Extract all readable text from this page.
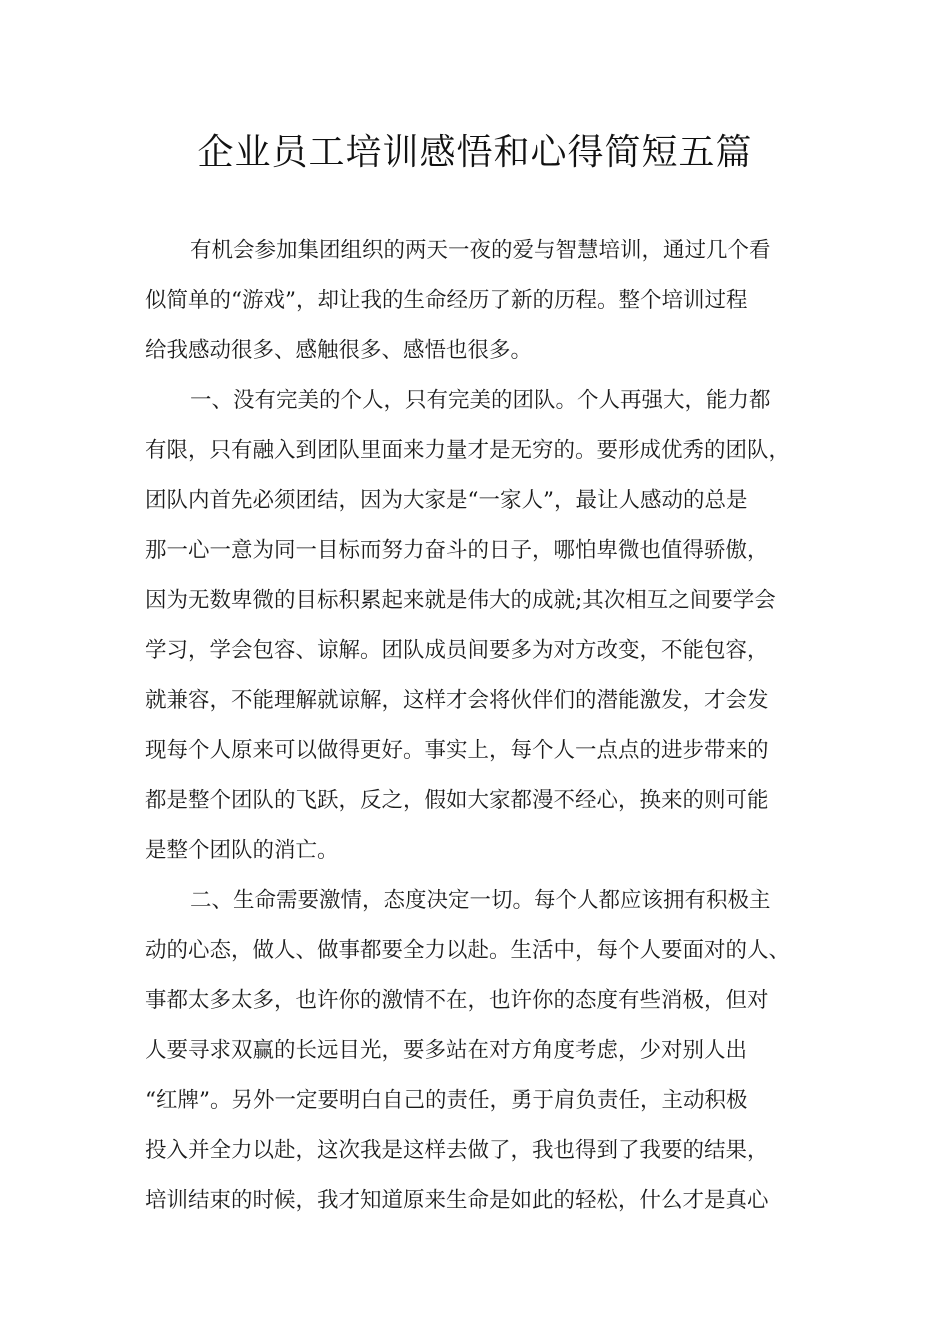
企业员工培训感悟和心得简短五篇
有机会参加集团组织的两天一夜的爱与智慧培训，通过几个看
似简单的“游戏”，却让我的生命经历了新的历程。整个培训过程
给我感动很多、感触很多、感悟也很多。
一、没有完美的个人，只有完美的团队。个人再强大，能力都
有限，只有融入到团队里面来力量才是无穷的。要形成优秀的团队，
团队内首先必须团结，因为大家是“一家人”，最让人感动的总是
那一心一意为同一目标而努力奋斗的日子，哪怕卑微也值得骄傲，
因为无数卑微的目标积累起来就是伟大的成就;其次相互之间要学会
学习，学会包容、谅解。团队成员间要多为对方改变，不能包容，
就兼容，不能理解就谅解，这样才会将伙伴们的潜能激发，才会发
现每个人原来可以做得更好。事实上，每个人一点点的进步带来的
都是整个团队的飞跃，反之，假如大家都漫不经心，换来的则可能
是整个团队的消亡。
二、生命需要激情，态度决定一切。每个人都应该拥有积极主
动的心态，做人、做事都要全力以赴。生活中，每个人要面对的人、
事都太多太多，也许你的激情不在，也许你的态度有些消极，但对
人要寻求双赢的长远目光，要多站在对方角度考虑，少对别人出
“红牌”。另外一定要明白自己的责任，勇于肩负责任，主动积极
投入并全力以赴，这次我是这样去做了，我也得到了我要的结果，
培训结束的时候，我才知道原来生命是如此的轻松，什么才是真心
